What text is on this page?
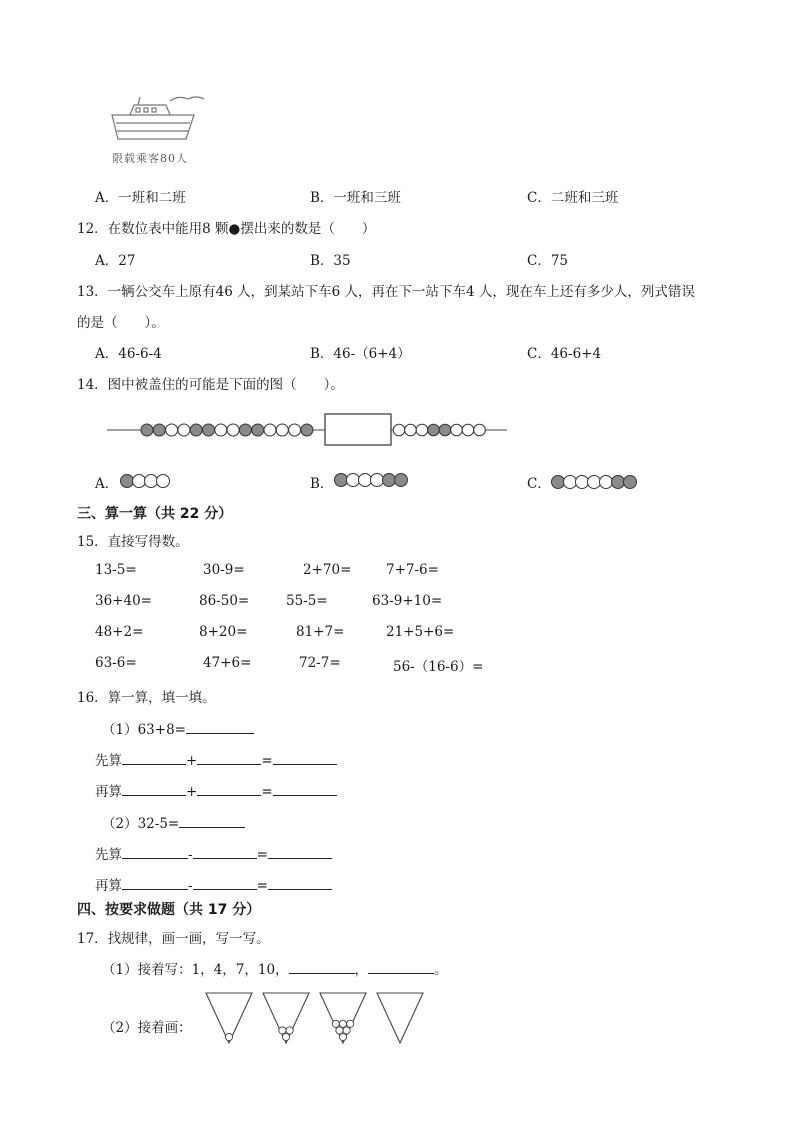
限载乘客80人
A．一班和二班	B．一班和三班	C．二班和三班
12．在数位表中能用8 颗●摆出来的数是（　　）
A．27	B．35	C．75
13．一辆公交车上原有46 人，到某站下车6 人，再在下一站下车4 人，现在车上还有多少人，列式错误
的是（　　）。
A．46-6-4	B．46-（6+4）	C．46-6+4
14．图中被盖住的可能是下面的图（　　）。
A．	B．	C．
三、算一算（共 22 分）
15．直接写得数。
13-5=	30-9=	2+70=	7+7-6=
36+40=	86-50=	55-5=	63-9+10=
48+2=	8+20=	81+7=	21+5+6=
63-6=	47+6=	72-7=	56-（16-6）=
16．算一算，填一填。
（1）63+8=
先算	+	=
再算	+	=
（2）32-5=
先算	-	=
再算	-	=
四、按要求做题（共 17 分）
17．找规律，画一画，写一写。
（1）接着写：1，4，7，10，	，	。
（2）接着画：
